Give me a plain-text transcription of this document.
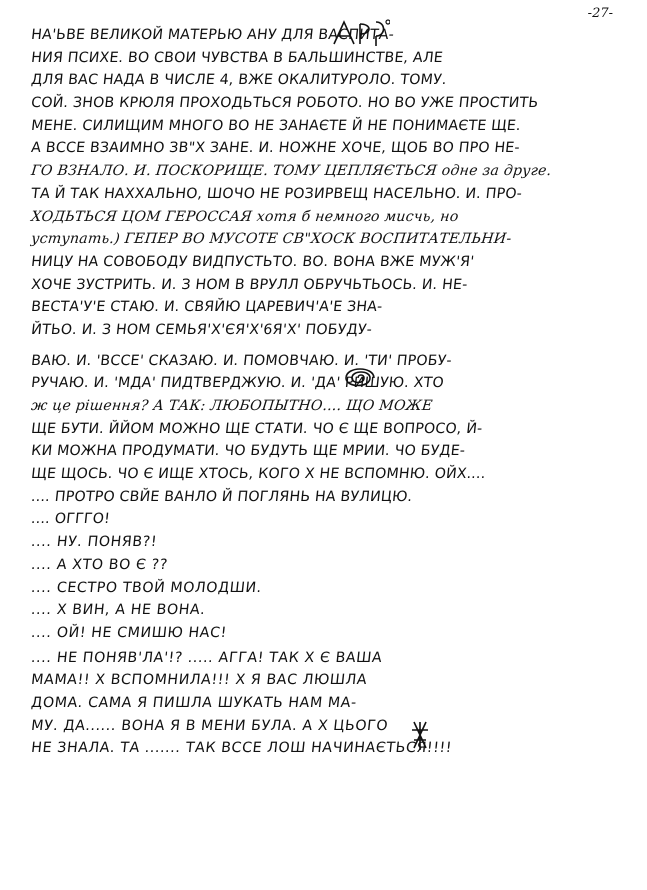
-27-
НА'ЬВЕ ВЕЛИКОЙ МАТЕРЬЮ АНУ ДЛЯ ВАСПИТА-
НИЯ ПСИХЕ. ВО СВОИ ЧУВСТВА В БАЛЬШИНСТВЕ, АЛЕ
ДЛЯ ВАС НАДА В ЧИСЛЕ 4, ВЖЕ ОКАЛИТУРОЛО. ТОМУ.
СОЙ. ЗНОВ КРЮЛЯ ПРОХОДЬТЬСЯ РОБОТО. НО ВО УЖЕ ПРОСТИТЬ
МЕНЕ. СИЛИЩИМ МНОГО ВО НЕ ЗАНАЄТЕ Й НЕ ПОНИМАЄТЕ ЩЕ.
А ВССЕ ВЗАИМНО ЗВ"Х ЗАНЕ. И. НОЖНЕ ХОЧЕ, ЩОБ ВО ПРО НЕ-
ГО ВЗНАЛО. И. ПОСКОРИЩЕ. ТОМУ ЦЕПЛЯЄТЬСЯ одне за друге.
ТА Й ТАК НАХХАЛЬНО, ШОЧО НЕ РОЗИРВЕЩ НАСЕЛЬНО. И. ПРО-
ХОДЬТЬСЯ ЦОМ ГЕРОССАЯ хотя б немного мисчь, но
уступать.) ГЕПЕР ВО МУСОТЕ СВ"ХОСК ВОСПИТАТЕЛЬНИ-
НИЦУ НА СОВОБОДУ ВИДПУСТЬТО. ВО. ВОНА ВЖЕ МУЖ'Я'
ХОЧЕ ЗУСТРИТЬ. И. З НОМ В ВРУЛЛ ОБРУЧЬТЬОСЬ. И. НЕ-
ВЕСТА'У'Е СТАЮ. И. СВЯЙЮ ЦАРЕВИЧ'А'Е ЗНА-
ЙТЬО. И. З НОМ СЕМЬЯ'Х'ЄЯ'Х'6Я'Х' ПОБУДУ-
ВАЮ. И. 'ВССЕ' СКАЗАЮ. И. ПОМОВЧАЮ. И. 'ТИ' ПРОБУ-
РУЧАЮ. И. 'МДА' ПИДТВЕРДЖУЮ. И. 'ДА' РИШУЮ. ХТО
ж це рішення? А ТАК: ЛЮБОПЫТНО.... ЩО МОЖЕ
ЩЕ БУТИ. ЙЙОМ МОЖНО ЩЕ СТАТИ. ЧО Є ЩЕ ВОПРОСО, Й-
КИ МОЖНА ПРОДУМАТИ. ЧО БУДУТЬ ЩЕ МРИИ. ЧО БУДЕ-
ЩЕ ЩОСЬ. ЧО Є ИЩЕ ХТОСЬ, КОГО Х НЕ ВСПОМНЮ. ОЙХ....
.... ПРОТРО СВЙЕ ВАНЛО Й ПОГЛЯНЬ НА ВУЛИЦЮ.
.... ОГГГО!
.... НУ. ПОНЯВ?!
.... А ХТО ВО Є ??
.... СЕСТРО ТВОЙ МОЛОДШИ.
.... Х ВИН, А НЕ ВОНА.
.... ОЙ! НЕ СМИШЮ НАС!
.... НЕ ПОНЯВ'ЛА'!? ..... АГГА! ТАК Х Є ВАША
МАМА!! Х ВСПОМНИЛА!!! Х Я ВАС ЛЮШЛА
ДОМА. САМА Я ПИШЛА ШУКАТЬ НАМ МА-
МУ. ДА...... ВОНА Я В МЕНИ БУЛА. А Х ЦЬОГО
НЕ ЗНАЛА. ТА ....... ТАК ВССЕ ЛОШ НАЧИНАЄТЬСЯ!!!!
